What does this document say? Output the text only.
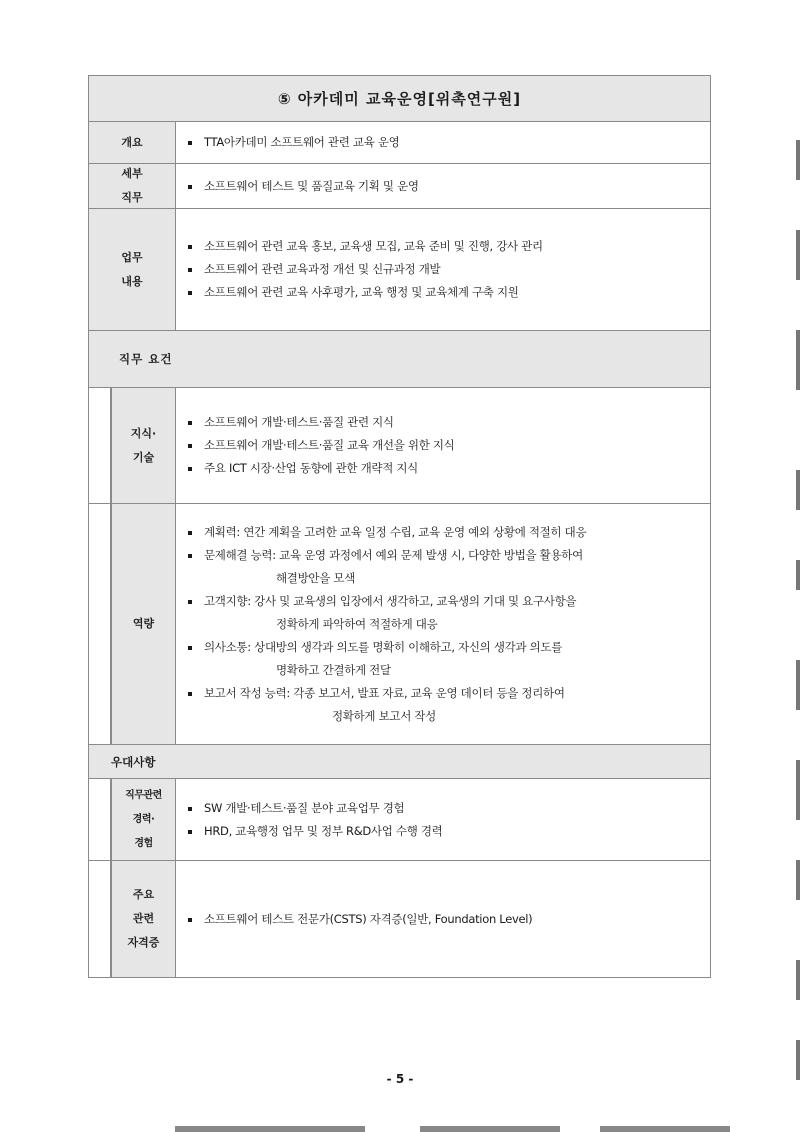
⑤ 아카데미 교육운영[위촉연구원]
개요	TTA아카데미 소프트웨어 관련 교육 운영
세부
직무
소프트웨어 테스트 및 품질교육 기획 및 운영
업무
내용
소프트웨어 관련 교육 홍보, 교육생 모집, 교육 준비 및 진행, 강사 관리
소프트웨어 관련 교육과정 개선 및 신규과정 개발
소프트웨어 관련 교육 사후평가, 교육 행정 및 교육체계 구축 지원
직무 요건
지식·
기술
소프트웨어 개발·테스트·품질 관련 지식
소프트웨어 개발·테스트·품질 교육 개선을 위한 지식
주요 ICT 시장·산업 동향에 관한 개략적 지식
역량
계획력: 연간 계획을 고려한 교육 일정 수립, 교육 운영 예외 상황에 적절히 대응
문제해결 능력: 교육 운영 과정에서 예외 문제 발생 시, 다양한 방법을 활용하여
해결방안을 모색
고객지향: 강사 및 교육생의 입장에서 생각하고, 교육생의 기대 및 요구사항을
정확하게 파악하여 적절하게 대응
의사소통: 상대방의 생각과 의도를 명확히 이해하고, 자신의 생각과 의도를
명확하고 간결하게 전달
보고서 작성 능력: 각종 보고서, 발표 자료, 교육 운영 데이터 등을 정리하여
정확하게 보고서 작성
우대사항
직무관련
경력·
경험
SW 개발·테스트·품질 분야 교육업무 경험
HRD, 교육행정 업무 및 정부 R&D사업 수행 경력
주요
관련
자격증
소프트웨어 테스트 전문가(CSTS) 자격증(일반, Foundation Level)
- 5 -
